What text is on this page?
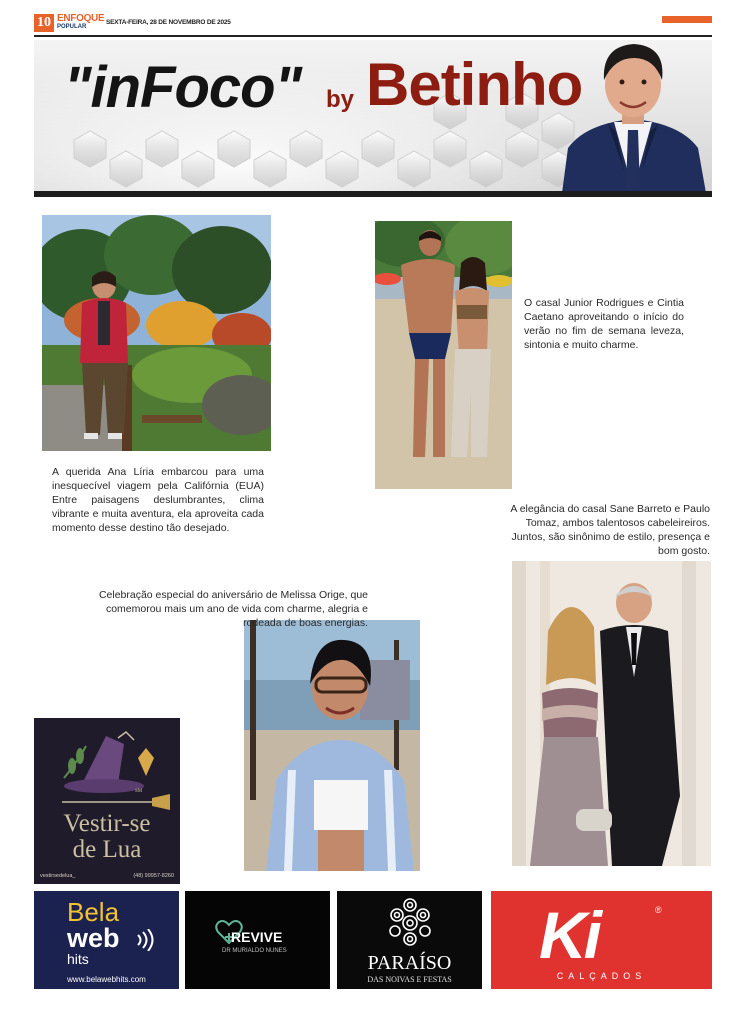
10 ENFOQUE
POPULAR
SEXTA-FEIRA, 28 DE NOVEMBRO DE 2025
"inFoco" by Betinho

A querida Ana Líria embarcou para uma inesquecível viagem pela Califórnia (EUA) Entre paisagens deslumbrantes, clima vibrante e muita aventura, ela aproveita cada momento desse destino tão desejado.

O casal Junior Rodrigues e Cintia Caetano aproveitando o início do verão no fim de semana leveza, sintonia e muito charme.

A elegância do casal Sane Barreto e Paulo Tomaz, ambos talentosos cabeleireiros. Juntos, são sinônimo de estilo, presença e bom gosto.

Celebração especial do aniversário de Melissa Orige, que comemorou mais um ano de vida com charme, alegria e rodeada de boas energias.

SM
Vestir-se
de Lua
vestirsedelua_	(48) 99957-8260
Bela
web
hits
www.belawebhits.com
REVIVE
DR MURIALDO NUNES
PARAÍSO
DAS NOIVAS E FESTAS
Ki	®
CALÇADOS
